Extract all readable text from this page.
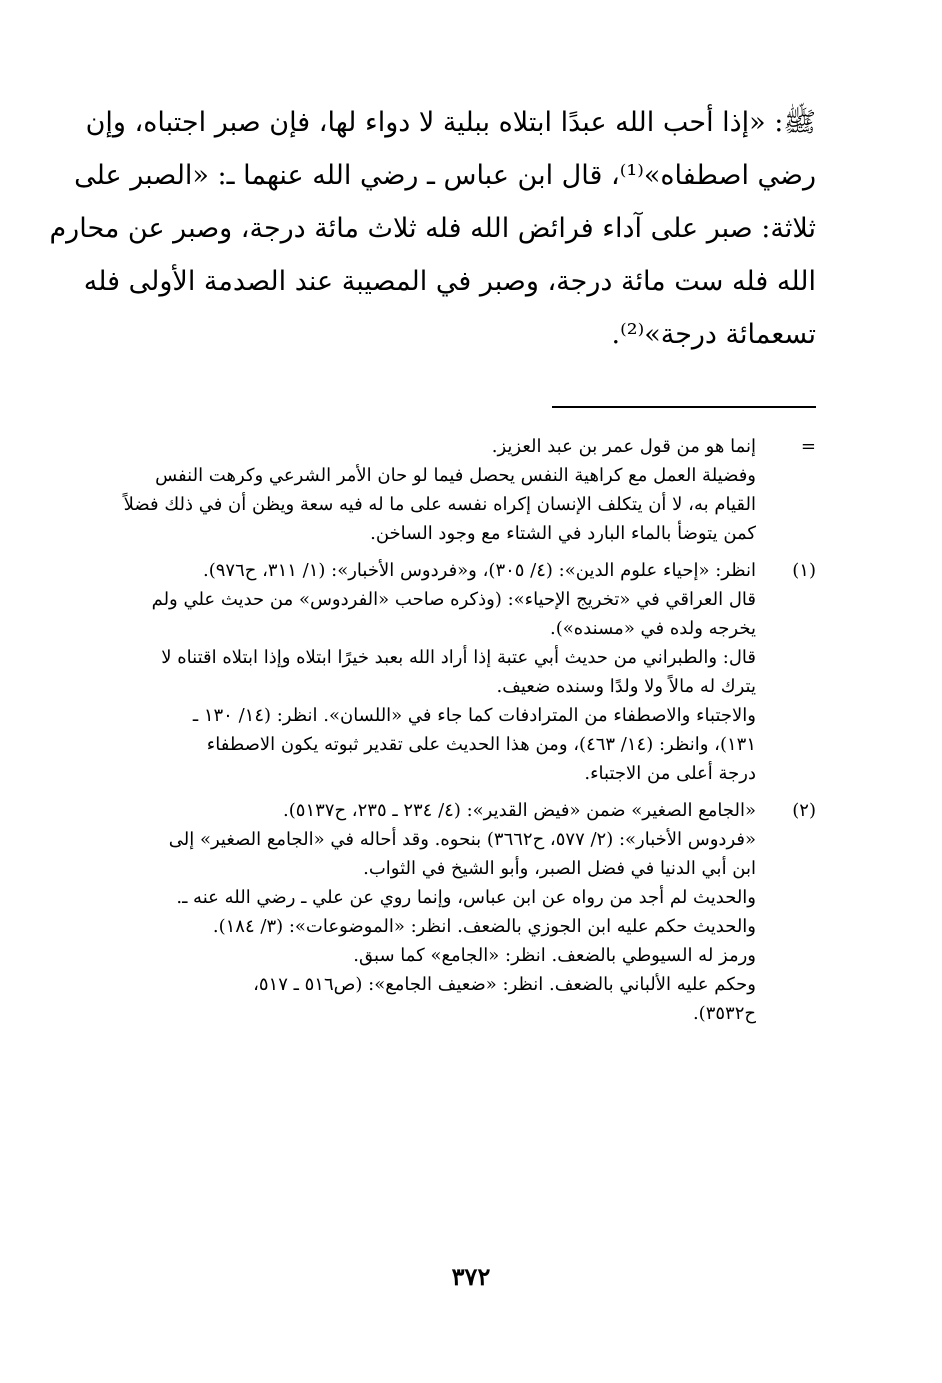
ﷺ: «إذا أحب الله عبدًا ابتلاه ببلية لا دواء لها، فإن صبر اجتباه، وإن
رضي اصطفاه»⁽¹⁾، قال ابن عباس ـ رضي الله عنهما ـ: «الصبر على
ثلاثة: صبر على آداء فرائض الله فله ثلاث مائة درجة، وصبر عن محارم
الله فله ست مائة درجة، وصبر في المصيبة عند الصدمة الأولى فله
تسعمائة درجة»⁽²⁾.

=
إنما هو من قول عمر بن عبد العزيز.
وفضيلة العمل مع كراهية النفس يحصل فيما لو حان الأمر الشرعي وكرهت النفس
القيام به، لا أن يتكلف الإنسان إكراه نفسه على ما له فيه سعة ويظن أن في ذلك فضلاً
كمن يتوضأ بالماء البارد في الشتاء مع وجود الساخن.
(١)
انظر: «إحياء علوم الدين»: (٤/ ٣٠٥)، و«فردوس الأخبار»: (١/ ٣١١، ح٩٧٦).
قال العراقي في «تخريج الإحياء»: (وذكره صاحب «الفردوس» من حديث علي ولم
يخرجه ولده في «مسنده»).
قال: والطبراني من حديث أبي عتبة إذا أراد الله بعبد خيرًا ابتلاه وإذا ابتلاه اقتناه لا
يترك له مالاً ولا ولدًا وسنده ضعيف.
والاجتباء والاصطفاء من المترادفات كما جاء في «اللسان». انظر: (١٤/ ١٣٠ ـ
١٣١)، وانظر: (١٤/ ٤٦٣)، ومن هذا الحديث على تقدير ثبوته يكون الاصطفاء
درجة أعلى من الاجتباء.
(٢)
«الجامع الصغير» ضمن «فيض القدير»: (٤/ ٢٣٤ ـ ٢٣٥، ح٥١٣٧).
«فردوس الأخبار»: (٢/ ٥٧٧، ح٣٦٦٢) بنحوه. وقد أحاله في «الجامع الصغير» إلى
ابن أبي الدنيا في فضل الصبر، وأبو الشيخ في الثواب.
والحديث لم أجد من رواه عن ابن عباس، وإنما روي عن علي ـ رضي الله عنه ـ.
والحديث حكم عليه ابن الجوزي بالضعف. انظر: «الموضوعات»: (٣/ ١٨٤).
ورمز له السيوطي بالضعف. انظر: «الجامع» كما سبق.
وحكم عليه الألباني بالضعف. انظر: «ضعيف الجامع»: (ص٥١٦ ـ ٥١٧،
ح٣٥٣٢).
٣٧٢
